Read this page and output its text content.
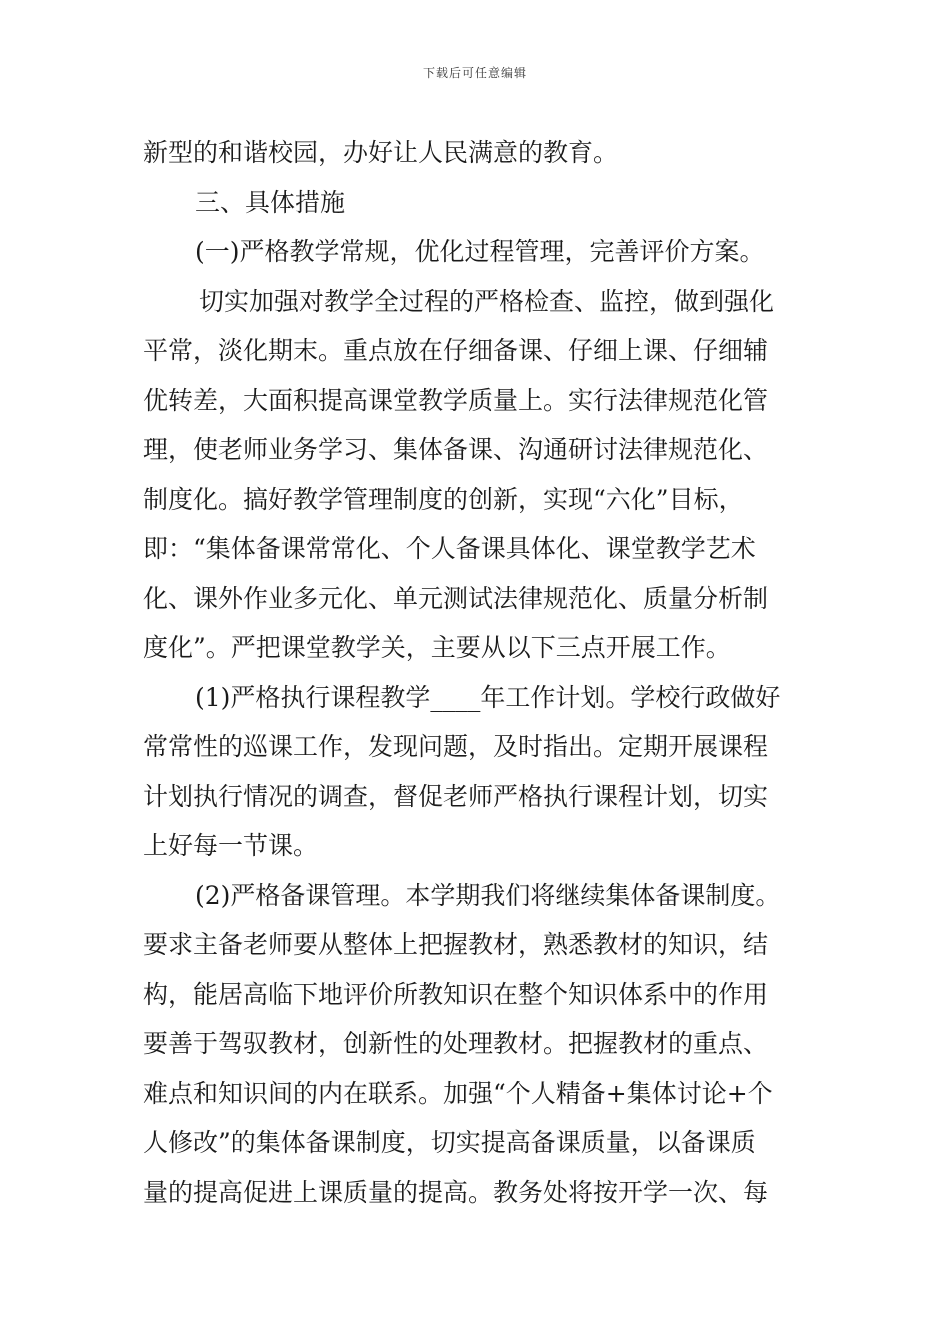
下载后可任意编辑
新型的和谐校园，办好让人民满意的教育。
三、具体措施
(一)严格教学常规，优化过程管理，完善评价方案。
切实加强对教学全过程的严格检查、监控，做到强化
平常，淡化期末。重点放在仔细备课、仔细上课、仔细辅
优转差，大面积提高课堂教学质量上。实行法律规范化管
理，使老师业务学习、集体备课、沟通研讨法律规范化、
制度化。搞好教学管理制度的创新，实现“六化”目标，
即：“集体备课常常化、个人备课具体化、课堂教学艺术
化、课外作业多元化、单元测试法律规范化、质量分析制
度化”。严把课堂教学关，主要从以下三点开展工作。
(1)严格执行课程教学____年工作计划。学校行政做好
常常性的巡课工作，发现问题，及时指出。定期开展课程
计划执行情况的调查，督促老师严格执行课程计划，切实
上好每一节课。
(2)严格备课管理。本学期我们将继续集体备课制度。
要求主备老师要从整体上把握教材，熟悉教材的知识，结
构，能居高临下地评价所教知识在整个知识体系中的作用
要善于驾驭教材，创新性的处理教材。把握教材的重点、
难点和知识间的内在联系。加强“个人精备+集体讨论+个
人修改”的集体备课制度，切实提高备课质量，以备课质
量的提高促进上课质量的提高。教务处将按开学一次、每
